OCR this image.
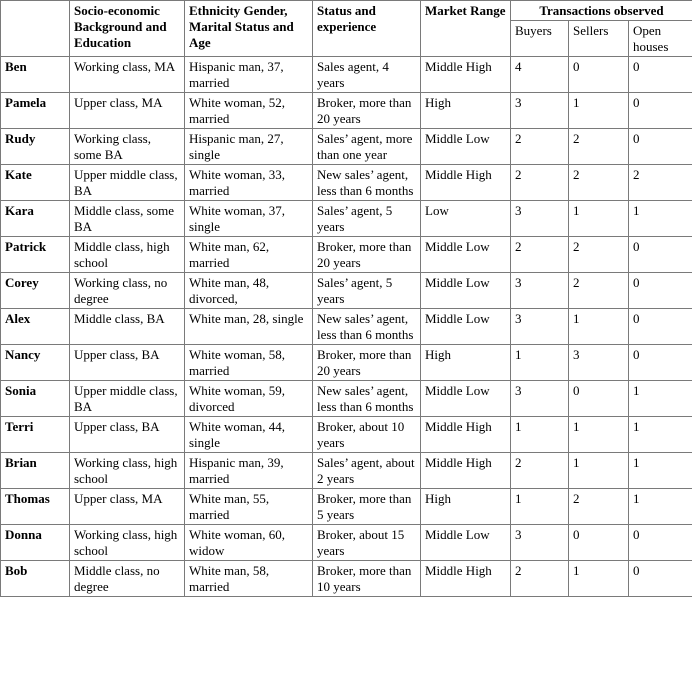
	Socio-economic Background and Education	Ethnicity Gender, Marital Status and Age	Status and experience	Market Range	Transactions observed		
					Buyers	Sellers	Open houses
Ben	Working class, MA	Hispanic man, 37, married	Sales agent, 4 years	Middle High	4	0	0
Pamela	Upper class, MA	White woman, 52, married	Broker, more than 20 years	High	3	1	0
Rudy	Working class, some BA	Hispanic man, 27, single	Sales’ agent, more than one year	Middle Low	2	2	0
Kate	Upper middle class, BA	White woman, 33, married	New sales’ agent, less than 6 months	Middle High	2	2	2
Kara	Middle class, some BA	White woman, 37, single	Sales’ agent, 5 years	Low	3	1	1
Patrick	Middle class, high school	White man, 62, married	Broker, more than 20 years	Middle Low	2	2	0
Corey	Working class, no degree	White man, 48, divorced,	Sales’ agent, 5 years	Middle Low	3	2	0
Alex	Middle class, BA	White man, 28, single	New sales’ agent, less than 6 months	Middle Low	3	1	0
Nancy	Upper class, BA	White woman, 58, married	Broker, more than 20 years	High	1	3	0
Sonia	Upper middle class, BA	White woman, 59, divorced	New sales’ agent, less than 6 months	Middle Low	3	0	1
Terri	Upper class, BA	White woman, 44, single	Broker, about 10 years	Middle High	1	1	1
Brian	Working class, high school	Hispanic man, 39, married	Sales’ agent, about 2 years	Middle High	2	1	1
Thomas	Upper class, MA	White man, 55, married	Broker, more than 5 years	High	1	2	1
Donna	Working class, high school	White woman, 60, widow	Broker, about 15 years	Middle Low	3	0	0
Bob	Middle class, no degree	White man, 58, married	Broker, more than 10 years	Middle High	2	1	0
